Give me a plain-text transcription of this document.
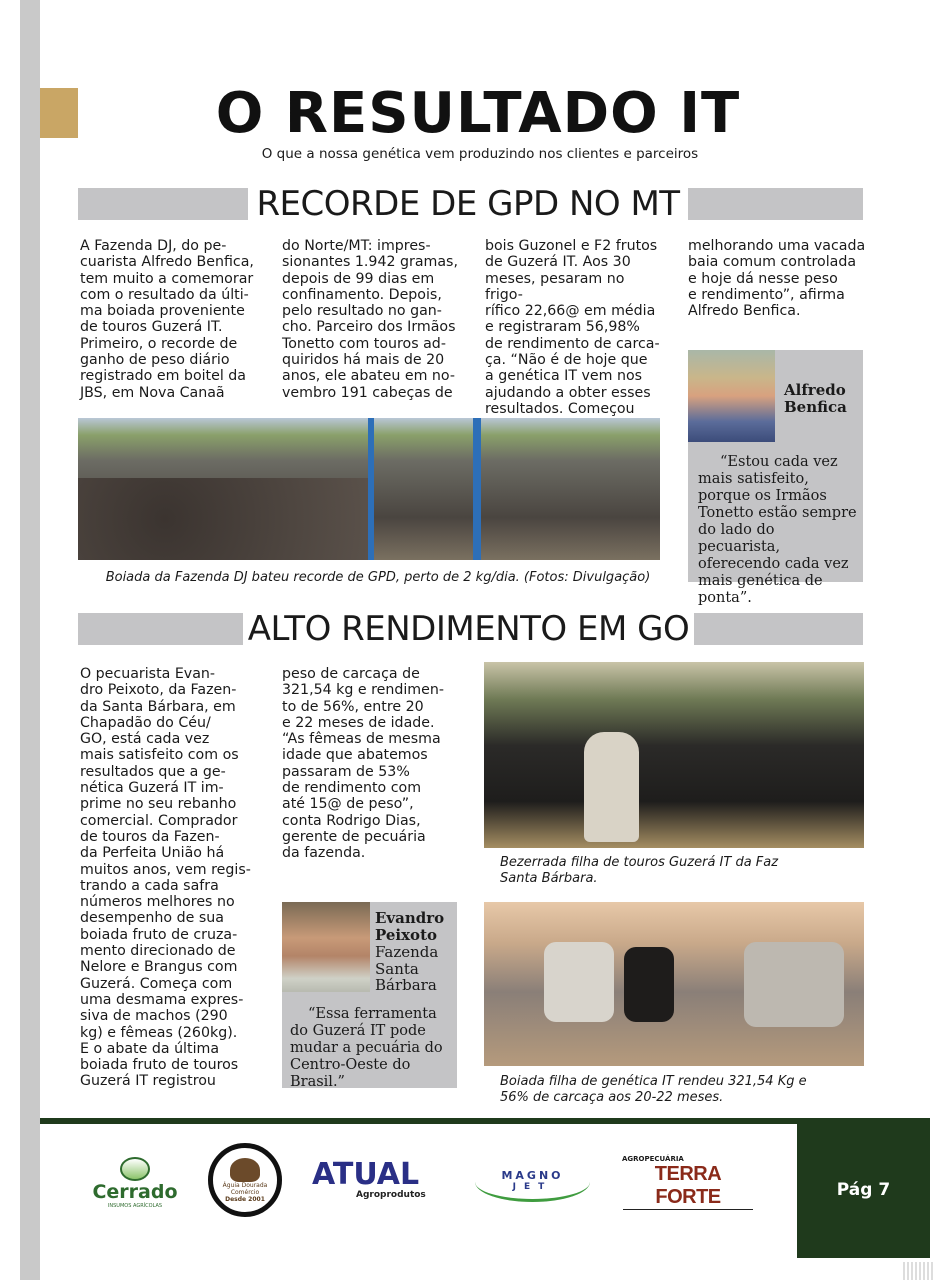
O RESULTADO IT
O que a nossa genética vem produzindo nos clientes e parceiros
RECORDE DE GPD NO MT
A Fazenda DJ, do pe-
cuarista Alfredo Benfica,
tem muito a comemorar
com o resultado da últi-
ma boiada proveniente
de touros Guzerá IT.
Primeiro, o recorde de
ganho de peso diário
registrado em boitel da
JBS, em Nova Canaã
do Norte/MT: impres-
sionantes 1.942 gramas,
depois de 99 dias em
confinamento. Depois,
pelo resultado no gan-
cho. Parceiro dos Irmãos
Tonetto com touros ad-
quiridos há mais de 20
anos, ele abateu em no-
vembro 191 cabeças de
bois Guzonel e F2 frutos
de Guzerá IT. Aos 30
meses, pesaram no frigo-
rífico 22,66@ em média
e registraram 56,98%
de rendimento de carca-
ça. “Não é de hoje que
a genética IT vem nos
ajudando a obter esses
resultados. Começou
melhorando uma vacada
baia comum controlada
e hoje dá nesse peso
e rendimento”, afirma
Alfredo Benfica.
Boiada da Fazenda DJ bateu recorde de GPD, perto de 2 kg/dia. (Fotos: Divulgação)
Alfredo
Benfica
“Estou cada vez mais satisfeito, porque os Irmãos Tonetto estão sempre do lado do pecuarista, oferecendo cada vez mais genética de ponta”.
ALTO RENDIMENTO EM GO
O pecuarista Evan-
dro Peixoto, da Fazen-
da Santa Bárbara, em
Chapadão do Céu/
GO, está cada vez
mais satisfeito com os
resultados que a ge-
nética Guzerá IT im-
prime no seu rebanho
comercial. Comprador
de touros da Fazen-
da Perfeita União há
muitos anos, vem regis-
trando a cada safra
números melhores no
desempenho de sua
boiada fruto de cruza-
mento direcionado de
Nelore e Brangus com
Guzerá. Começa com
uma desmama expres-
siva de machos (290
kg) e fêmeas (260kg).
E o abate da última
boiada fruto de touros
Guzerá IT registrou
peso de carcaça de
321,54 kg e rendimen-
to de 56%, entre 20
e 22 meses de idade.
“As fêmeas de mesma
idade que abatemos
passaram de 53%
de rendimento com
até 15@ de peso”,
conta Rodrigo Dias,
gerente de pecuária
da fazenda.
Evandro
Peixoto
Fazenda
Santa
Bárbara
“Essa ferramenta do Guzerá IT pode mudar a pecuária do Centro-Oeste do Brasil.”
Bezerrada filha de touros Guzerá IT da Faz
Santa Bárbara.
Boiada filha de genética IT rendeu 321,54 Kg e
56% de carcaça aos 20-22 meses.
Pág 7
Cerrado
INSUMOS AGRÍCOLAS
Águia Dourada Comércio
Desde 2001
ATUAL
Agroprodutos
MAGNO
JET
AGROPECUÁRIA
TERRA FORTE
